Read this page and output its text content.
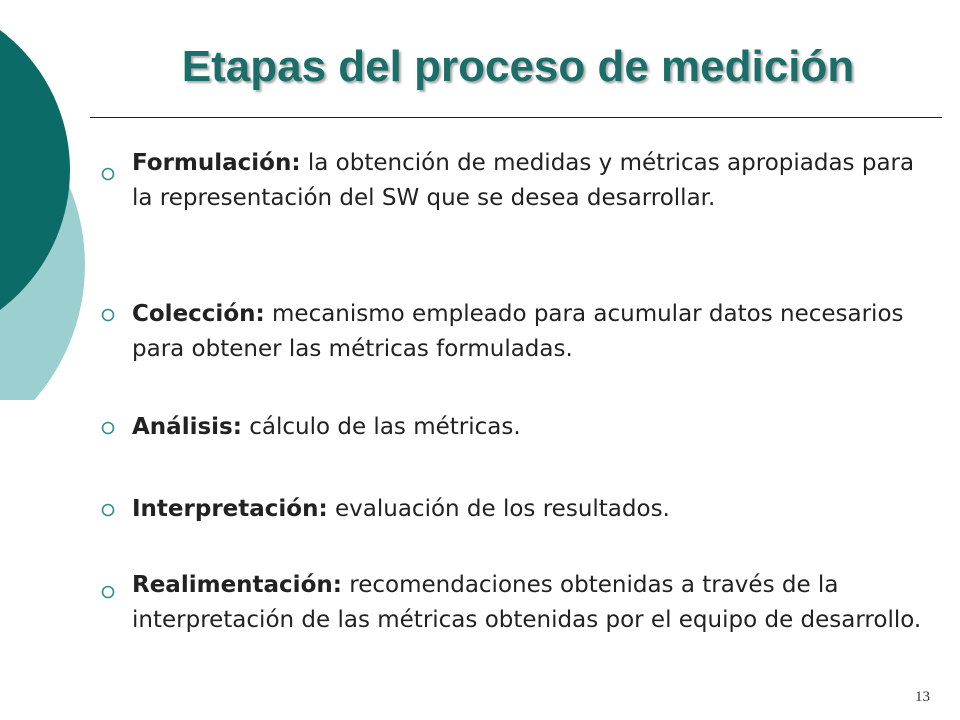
Etapas del proceso de medición
Formulación: la obtención de medidas y métricas apropiadas para la representación del SW que se desea desarrollar.
Colección: mecanismo empleado para acumular datos necesarios para obtener las métricas formuladas.
Análisis: cálculo de las métricas.
Interpretación: evaluación de los resultados.
Realimentación: recomendaciones obtenidas a través de la interpretación de las métricas obtenidas por el equipo de desarrollo.
13
